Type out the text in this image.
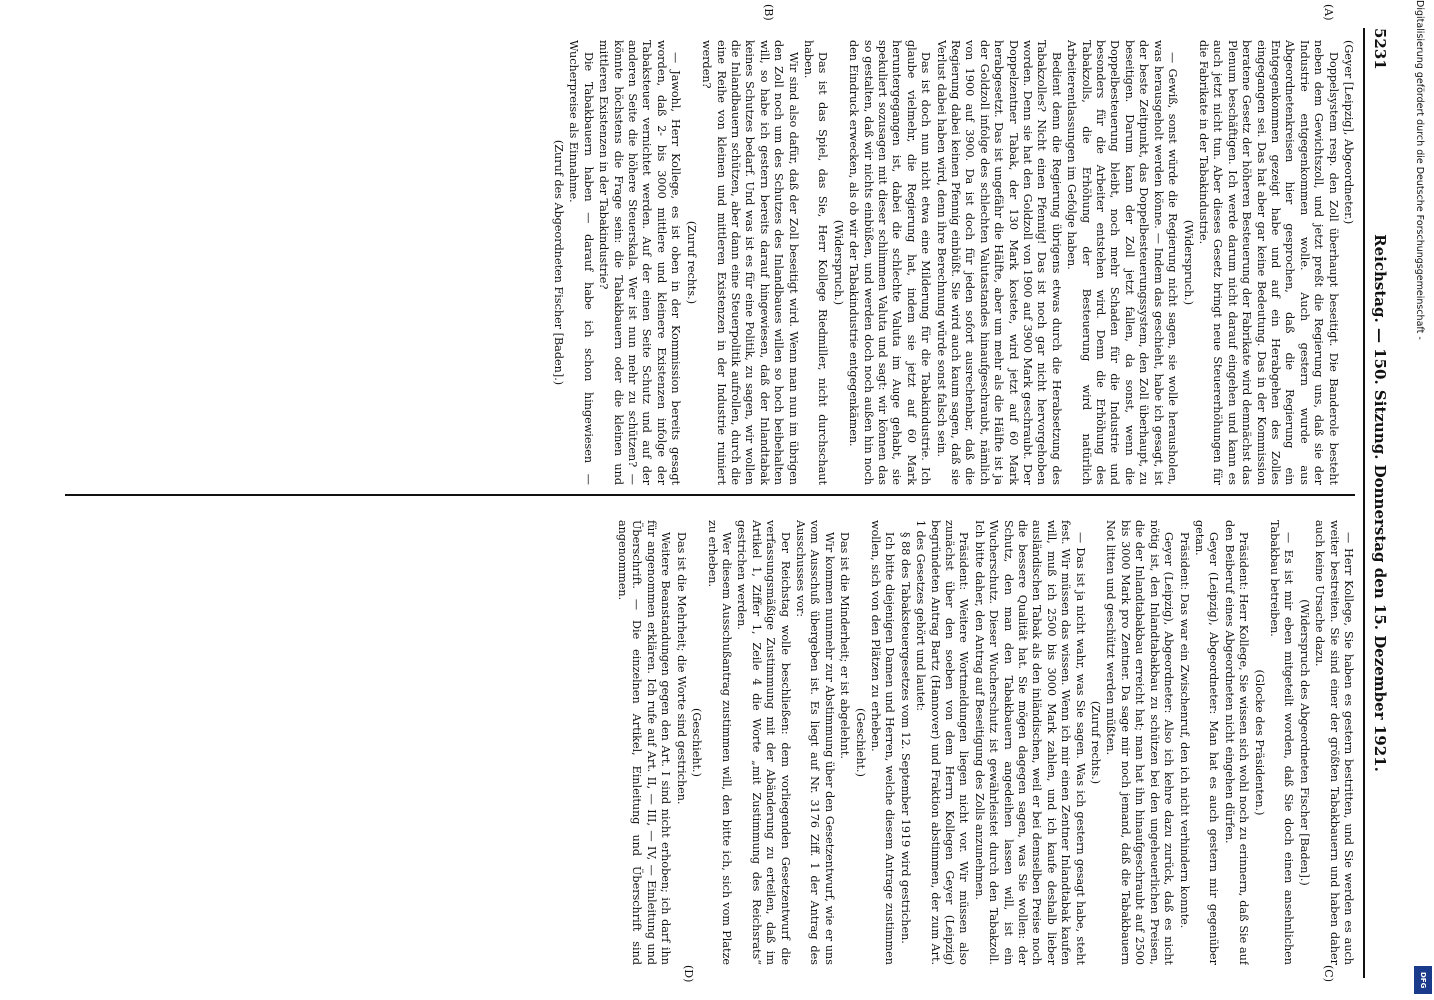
5231
Reichstag. — 150. Sitzung. Donnerstag den 15. Dezember 1921.
(A)
(B)
(C)
(D)

(Geyer [Leipzig], Abgeordneter.)

Doppelsystem resp. den Zoll überhaupt beseitigt. Die Banderole besteht neben dem Gewichtszoll, und jetzt preßt die Regierung uns, daß sie der Industrie entgegenkommen wolle. Auch gestern wurde aus Abgeordnetenkreisen hier gesprochen, daß die Regierung ein Entgegenkommen gezeigt habe und auf ein Herabgehen des Zolles eingegangen sei. Das hat aber gar keine Bedeutung. Das in der Kommission beratene Gesetz der höheren Besteuerung der Fabrikate wird demnächst das Plenum beschäftigen. Ich werde darum nicht darauf eingehen und kann es auch jetzt nicht tun. Aber dieses Gesetz bringt neue Steuererhöhungen für die Fabrikate in der Tabakindustrie.

(Widerspruch.)

— Gewiß, sonst würde die Regierung nicht sagen, sie wolle herausholen, was herausgeholt werden könne. — Indem das geschieht, habe ich gesagt, ist der beste Zeitpunkt, das Doppelbesteuerungssystem, den Zoll überhaupt, zu beseitigen. Darum kann der Zoll jetzt fallen, da sonst, wenn die Doppelbesteuerung bleibt, noch mehr Schaden für die Industrie und besonders für die Arbeiter entstehen wird. Denn die Erhöhung des Tabakzolls, die Erhöhung der Besteuerung wird natürlich Arbeiterentlassungen im Gefolge haben.

Bedient denn die Regierung übrigens etwas durch die Herabsetzung des Tabakzolles? Nicht einen Pfennig! Das ist noch gar nicht hervorgehoben worden. Denn sie hat den Goldzoll von 1900 auf 3900 Mark geschraubt. Der Doppelzentner Tabak, der 130 Mark kostete, wird jetzt auf 60 Mark herabgesetzt. Das ist ungefähr die Hälfte, aber um mehr als die Hälfte ist ja der Goldzoll infolge des schlechten Valutastandes hinaufgeschraubt, nämlich von 1900 auf 3900. Da ist doch für jeden sofort ausrechenbar, daß die Regierung dabei keinen Pfennig einbüßt. Sie wird auch kaum sagen, daß sie Verlust dabei haben wird, denn ihre Berechnung würde sonst falsch sein.

Das ist doch nun nicht etwa eine Milderung für die Tabakindustrie. Ich glaube vielmehr, die Regierung hat, indem sie jetzt auf 60 Mark heruntergegangen ist, dabei die schlechte Valuta im Auge gehabt, sie spekuliert sozusagen mit dieser schlimmen Valuta und sagt: wir können das so gestalten, daß wir nichts einbüßen, und werden doch noch außen hin noch den Eindruck erwecken, als ob wir der Tabakindustrie entgegenkämen.

(Widerspruch.)

Das ist das Spiel, das Sie, Herr Kollege Riedmiller, nicht durchschaut haben.

Wir sind also dafür, daß der Zoll beseitigt wird. Wenn man nun im übrigen den Zoll noch um des Schutzes des Inlandbaues willen so hoch beibehalten will, so habe ich gestern bereits darauf hingewiesen, daß der Inlandtabak keines Schutzes bedarf. Und was ist es für eine Politik, zu sagen, wir wollen die Inlandbauern schützen, aber dann eine Steuerpolitik aufrollen, durch die eine Reihe von kleinen und mittleren Existenzen in der Industrie ruiniert werden?

(Zuruf rechts.)

— Jawohl, Herr Kollege, es ist oben in der Kommission bereits gesagt worden, daß 2- bis 3000 mittlere und kleinere Existenzen infolge der Tabaksteuer vernichtet werden. Auf der einen Seite Schutz und auf der anderen Seite die höhere Steuerskala. Wer ist nun mehr zu schützen? — könnte höchstens die Frage sein: die Tabakbauern oder die kleinen und mittleren Existenzen in der Tabakindustrie?

Die Tabakbauern haben — darauf habe ich schon hingewiesen — Wucherpreise als Einnahme.

(Zuruf des Abgeordneten Fischer [Baden].)

— Herr Kollege, Sie haben es gestern bestritten, und Sie werden es auch weiter bestreiten. Sie sind einer der größten Tabakbauern und haben daher auch keine Ursache dazu.

(Widerspruch des Abgeordneten Fischer [Baden].)

— Es ist mir eben mitgeteilt worden, daß Sie doch einen ansehnlichen Tabakbau betreiben.

(Glocke des Präsidenten.)

Präsident: Herr Kollege, Sie wissen sich wohl noch zu erinnern, daß Sie auf den Beiberuf eines Abgeordneten nicht eingehen dürfen.

Geyer (Leipzig), Abgeordneter: Man hat es auch gestern mir gegenüber getan.

Präsident: Das war ein Zwischenruf, den ich nicht verhindern konnte.

Geyer (Leipzig), Abgeordneter: Also ich kehre dazu zurück, daß es nicht nötig ist, den Inlandtabakbau zu schützen bei den ungeheuerlichen Preisen, die der Inlandtabakbau erreicht hat; man hat ihn hinaufgeschraubt auf 2500 bis 3000 Mark pro Zentner. Da sage mir noch jemand, daß die Tabakbauern Not litten und geschützt werden müßten.

(Zuruf rechts.)

— Das ist ja nicht wahr, was Sie sagen. Was ich gestern gesagt habe, steht fest. Wir müssen das wissen. Wenn ich mir einen Zentner Inlandtabak kaufen will, muß ich 2500 bis 3000 Mark zahlen, und ich kaufe deshalb lieber ausländischen Tabak als den inländischen, weil er bei demselben Preise noch die bessere Qualität hat. Sie mögen dagegen sagen, was Sie wollen: der Schutz, den man den Tabakbauern angedeihen lassen will, ist ein Wucherschutz. Dieser Wucherschutz ist gewährleistet durch den Tabakzoll. Ich bitte daher, den Antrag auf Beseitigung des Zolls anzunehmen.

Präsident: Weitere Wortmeldungen liegen nicht vor. Wir müssen also zunächst über den soeben von dem Herrn Kollegen Geyer (Leipzig) begründeten Antrag Bartz (Hannover) und Fraktion abstimmen, der zum Art. 1 des Gesetzes gehört und lautet:

§ 88 des Tabaksteuergesetzes vom 12. September 1919 wird gestrichen.

Ich bitte diejenigen Damen und Herren, welche diesem Antrage zustimmen wollen, sich von den Plätzen zu erheben.

(Geschieht.)

Das ist die Minderheit; er ist abgelehnt.

Wir kommen nunmehr zur Abstimmung über den Gesetzentwurf, wie er uns vom Ausschuß übergeben ist. Es liegt auf Nr. 3176 Ziff. 1 der Antrag des Ausschusses vor:

Der Reichstag wolle beschließen: dem vorliegenden Gesetzentwurf die verfassungsmäßige Zustimmung mit der Abänderung zu erteilen, daß im Artikel 1, Ziffer 1, Zeile 4 die Worte „mit Zustimmung des Reichsrats“ gestrichen werden.

Wer diesem Ausschußantrag zustimmen will, den bitte ich, sich vom Platze zu erheben.

(Geschieht.)

Das ist die Mehrheit; die Worte sind gestrichen.

Weitere Beanstandungen gegen den Art. I sind nicht erhoben; ich darf ihn für angenommen erklären. Ich rufe auf Art. II, — III, — IV, — Einleitung und Überschrift. — Die einzelnen Artikel, Einleitung und Überschrift sind angenommen.

Digitalisierung gefördert durch die Deutsche Forschungsgemeinschaft -
DFG
